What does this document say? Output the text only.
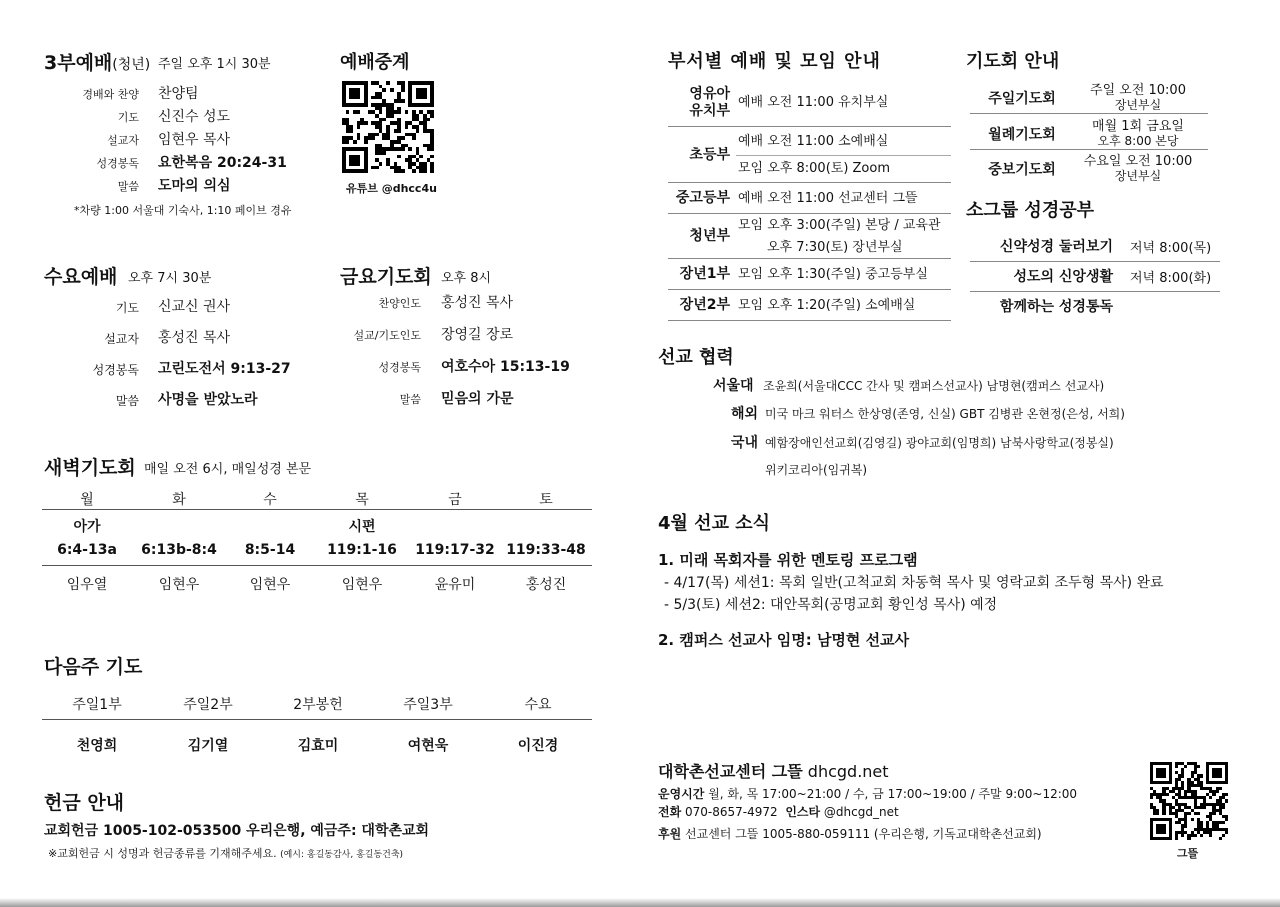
3부예배(청년) 주일 오후 1시 30분
경배와 찬양 찬양팀
기도 신진수 성도
설교자 임현우 목사
성경봉독 요한복음 20:24-31
말씀 도마의 의심
*차량 1:00 서울대 기숙사, 1:10 페이브 경유
예배중계
유튜브 @dhcc4u
수요예배 오후 7시 30분
기도 신교신 권사
설교자 홍성진 목사
성경봉독 고린도전서 9:13-27
말씀 사명을 받았노라
금요기도회 오후 8시
찬양인도 홍성진 목사
설교/기도인도 장영길 장로
성경봉독 여호수아 15:13-19
말씀 믿음의 가문
새벽기도회 매일 오전 6시, 매일성경 본문
월
6:4-13a
임우열
화
6:13b-8:4
임현우
수
8:5-14
임현우
목
119:1-16
임현우
금
119:17-32
윤유미
토
119:33-48
홍성진
아가	시편
다음주 기도
주일1부
천영희
주일2부
김기열
2부봉헌
김효미
주일3부
여현욱
수요
이진경
헌금 안내
교회헌금 1005-102-053500 우리은행, 예금주: 대학촌교회
※교회헌금 시 성명과 헌금종류를 기재해주세요. (예시: 홍길동감사, 홍길동건축)
부서별 예배 및 모임 안내
영유아
유치부
예배 오전 11:00 유치부실
초등부
예배 오전 11:00 소예배실
모임 오후 8:00(토) Zoom
중고등부 예배 오전 11:00 선교센터 그뜰
청년부
모임 오후 3:00(주일) 본당 / 교육관
오후 7:30(토) 장년부실
장년1부 모임 오후 1:30(주일) 중고등부실
장년2부 모임 오후 1:20(주일) 소예배실
기도회 안내
주일기도회
주일 오전 10:00
장년부실
월례기도회
매월 1회 금요일
오후 8:00 본당
중보기도회
수요일 오전 10:00
장년부실
소그룹 성경공부
신약성경 둘러보기 저녁 8:00(목)
성도의 신앙생활 저녁 8:00(화)
함께하는 성경통독
선교 협력
서울대 조윤희(서울대CCC 간사 및 캠퍼스선교사) 남명현(캠퍼스 선교사)
해외 미국 마크 워터스 한상영(존영, 신실) GBT 김병관 온현정(은성, 서희)
국내 예함장애인선교회(김영길) 광야교회(임명희) 남북사랑학교(정봉실)
위키코리아(임귀복)
4월 선교 소식
1. 미래 목회자를 위한 멘토링 프로그램
- 4/17(목) 세션1: 목회 일반(고척교회 차동혁 목사 및 영락교회 조두형 목사) 완료
- 5/3(토) 세션2: 대안목회(공명교회 황인성 목사) 예정
2. 캠퍼스 선교사 임명: 남명현 선교사
대학촌선교센터 그뜰 dhcgd.net
운영시간 월, 화, 목 17:00~21:00 / 수, 금 17:00~19:00 / 주말 9:00~12:00
전화 070-8657-4972 인스타 @dhcgd_net
후원 선교센터 그뜰 1005-880-059111 (우리은행, 기독교대학촌선교회)
그뜰
